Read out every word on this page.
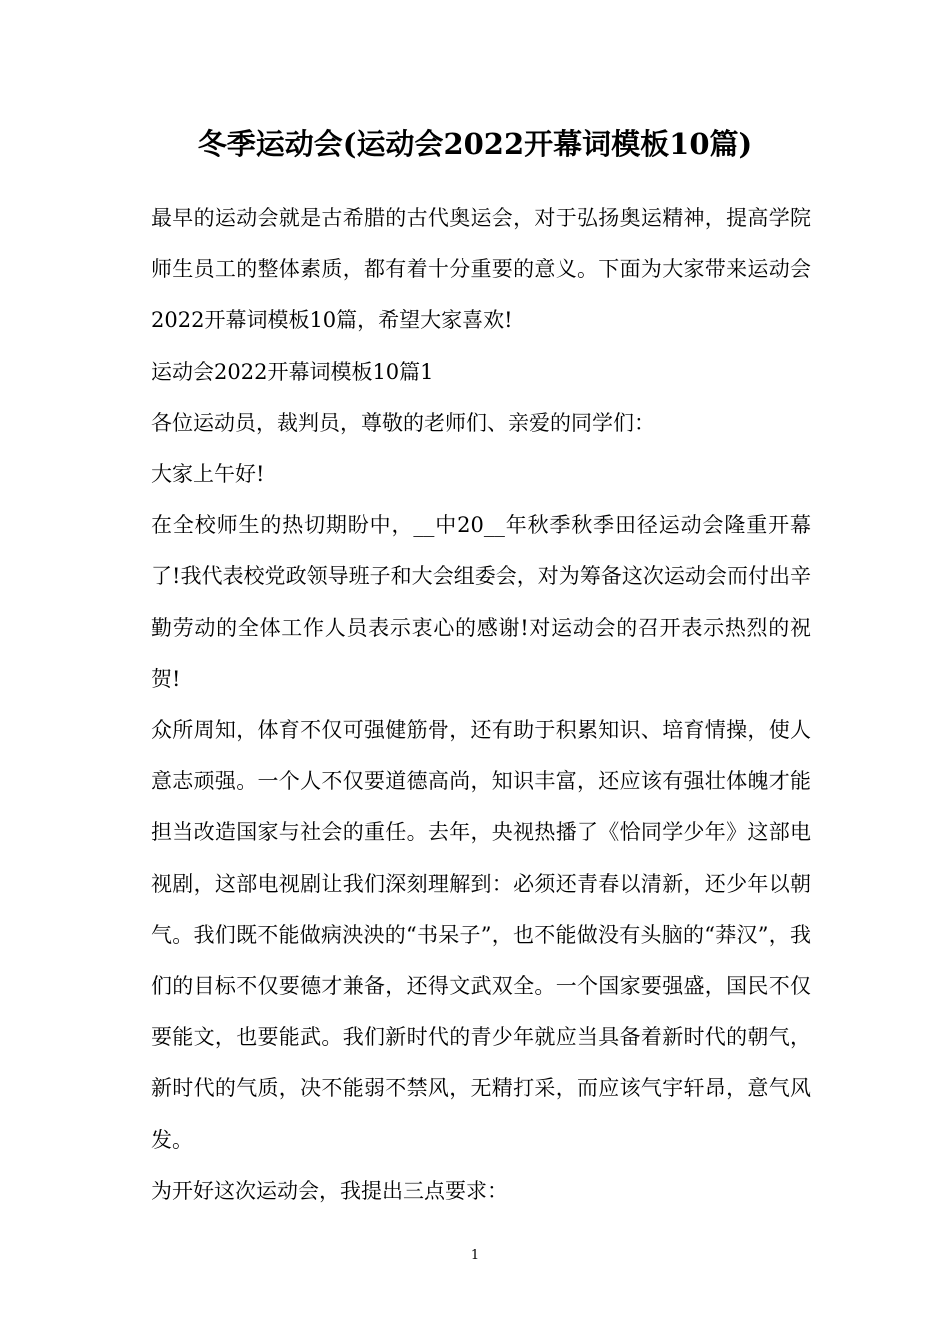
冬季运动会(运动会2022开幕词模板10篇)

最早的运动会就是古希腊的古代奥运会，对于弘扬奥运精神，提高学院师生员工的整体素质，都有着十分重要的意义。下面为大家带来运动会2022开幕词模板10篇，希望大家喜欢!

运动会2022开幕词模板10篇1

各位运动员，裁判员，尊敬的老师们、亲爱的同学们：

大家上午好!

在全校师生的热切期盼中，__中20__年秋季秋季田径运动会隆重开幕了!我代表校党政领导班子和大会组委会，对为筹备这次运动会而付出辛勤劳动的全体工作人员表示衷心的感谢!对运动会的召开表示热烈的祝贺!

众所周知，体育不仅可强健筋骨，还有助于积累知识、培育情操，使人意志顽强。一个人不仅要道德高尚，知识丰富，还应该有强壮体魄才能担当改造国家与社会的重任。去年，央视热播了《恰同学少年》这部电视剧，这部电视剧让我们深刻理解到：必须还青春以清新，还少年以朝气。我们既不能做病泱泱的“书呆子”，也不能做没有头脑的“莽汉”，我们的目标不仅要德才兼备，还得文武双全。一个国家要强盛，国民不仅要能文，也要能武。我们新时代的青少年就应当具备着新时代的朝气，新时代的气质，决不能弱不禁风，无精打采，而应该气宇轩昂，意气风发。

为开好这次运动会，我提出三点要求：

1
